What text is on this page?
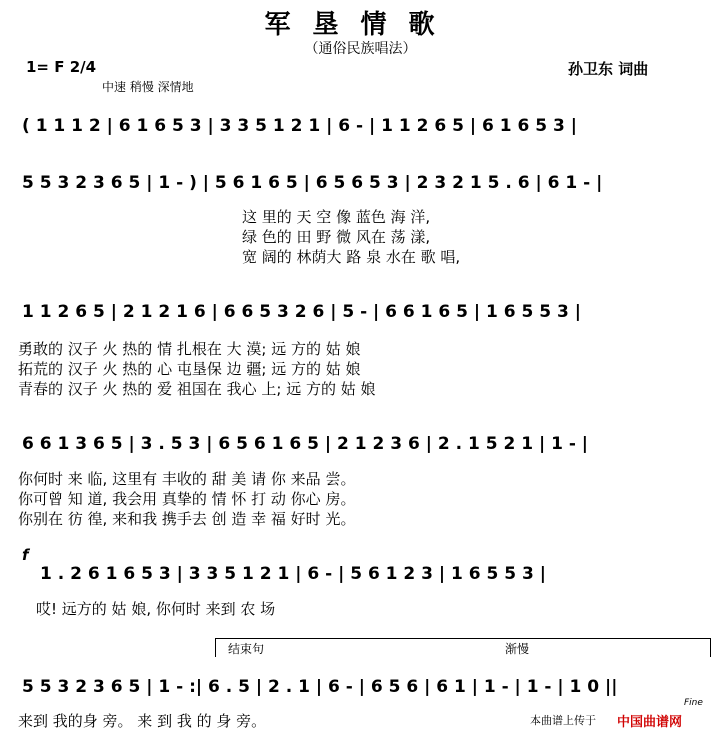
军垦情歌
（通俗民族唱法）
1= F 2/4
中速 稍慢 深情地
孙卫东 词曲
( 1 1 1 2 | 6 1 6 5 3 | 3 3 5 1 2 1 | 6 - | 1 1 2 6 5 | 6 1 6 5 3 |
5 5 3 2 3 6 5 | 1 - ) | 5 6 1 6 5 | 6 5 6 5 3 | 2 3 2 1 5 . 6 | 6 1 - |
这 里的 天 空 像 蓝色 海 洋,
绿 色的 田 野 微 风在 荡 漾,
宽 阔的 林荫大 路 泉 水在 歌 唱,
1 1 2 6 5 | 2 1 2 1 6 | 6 6 5 3 2 6 | 5 - | 6 6 1 6 5 | 1 6 5 5 3 |
勇敢的 汉子 火 热的 情 扎根在 大 漠; 远 方的 姑 娘
拓荒的 汉子 火 热的 心 屯垦保 边 疆; 远 方的 姑 娘
青春的 汉子 火 热的 爱 祖国在 我心 上; 远 方的 姑 娘
6 6 1 3 6 5 | 3 . 5 3 | 6 5 6 1 6 5 | 2 1 2 3 6 | 2 . 1 5 2 1 | 1 - |
你何时 来 临, 这里有 丰收的 甜 美 请 你 来品 尝。
你可曾 知 道, 我会用 真挚的 情 怀 打 动 你心 房。
你别在 彷 徨, 来和我 携手去 创 造 幸 福 好时 光。
f
1 . 2 6 1 6 5 3 | 3 3 5 1 2 1 | 6 - | 5 6 1 2 3 | 1 6 5 5 3 |
哎! 远方的 姑 娘, 你何时 来到 农 场
结束句	渐慢
5 5 3 2 3 6 5 | 1 - :| 6 . 5 | 2 . 1 | 6 - | 6 5 6 | 6 1 | 1 - | 1 - | 1 0 ||
来到 我的身 旁。 来 到 我 的 身 旁。
Fine
本曲谱上传于 中国曲谱网
